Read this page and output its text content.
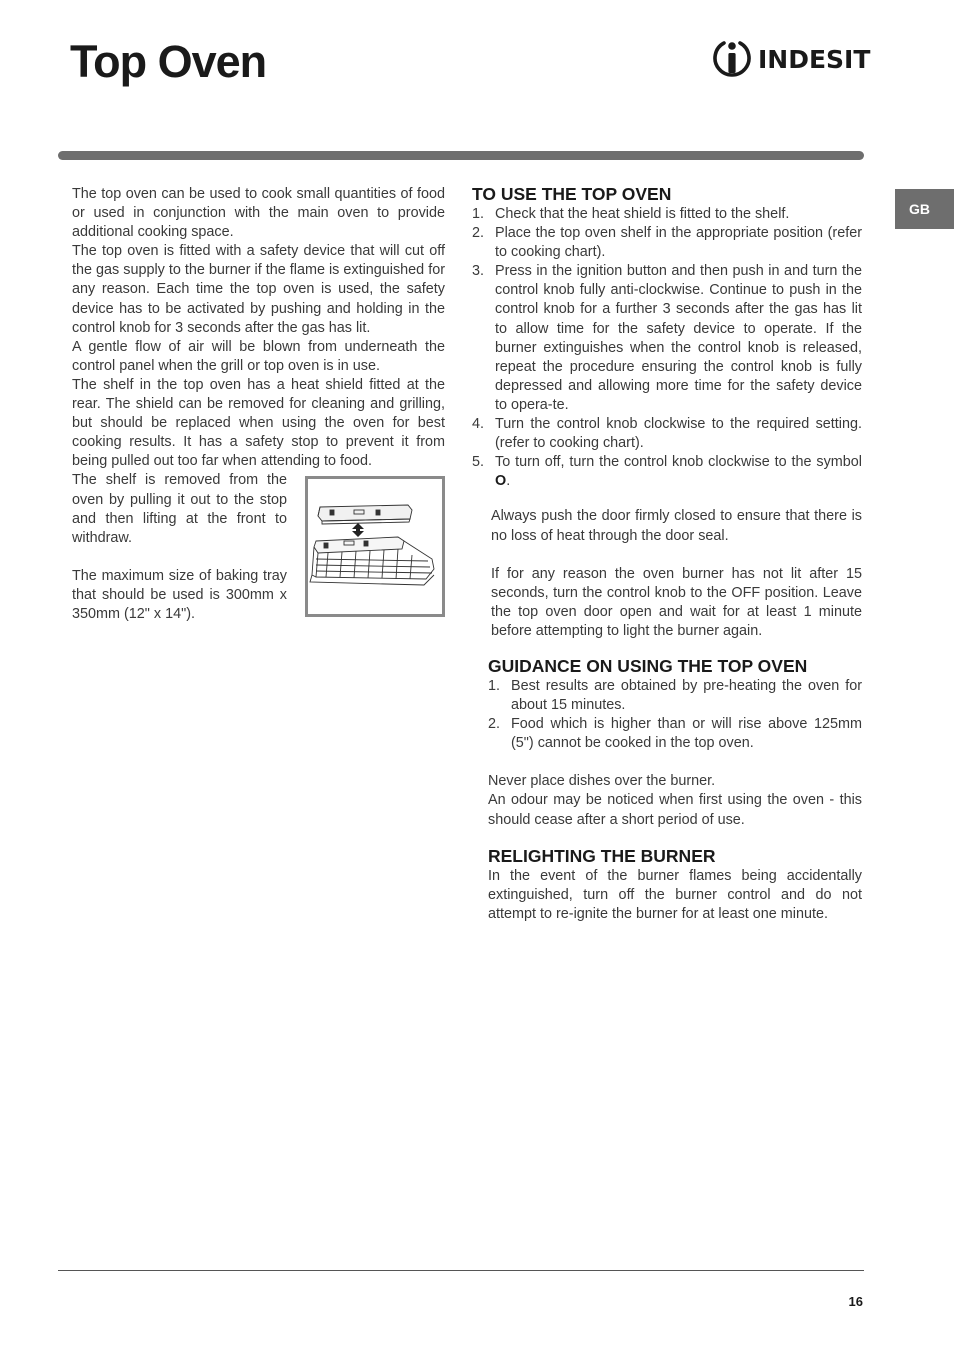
Top Oven	INDESIT
GB

The top oven can be used to cook small quantities of food or used in conjunction with the main oven to provide additional cooking space.

The top oven is fitted with a safety device that will cut off the gas supply to the burner if the flame is extinguished for any reason. Each time the top oven is used, the safety device has to be activated by pushing and holding in the control knob for 3 seconds after the gas has lit.

A gentle flow of air will be blown from underneath the control panel when the grill or top oven is in use.

The shelf in the top oven has a heat shield fitted at the rear. The shield can be removed for cleaning and grilling, but should be replaced when using the oven for best cooking results. It has a safety stop to prevent it from being pulled out too far when attending to food.

The shelf is removed from the oven by pulling it out to the stop and then lifting at the front to withdraw.

The maximum size of baking tray that should be used is 300mm x 350mm (12" x 14").

TO USE THE TOP OVEN
1. Check that the heat shield is fitted to the shelf.
2. Place the top oven shelf in the appropriate position (refer to cooking chart).
3. Press in the ignition button and then push in and turn the control knob fully anti-clockwise. Continue to push in the control knob for a further 3 seconds after the gas has lit to allow time for the safety device to operate. If the burner extinguishes when the control knob is released, repeat the procedure ensuring the control knob is fully depressed and allowing more time for the safety device to opera-te.
4. Turn the control knob clockwise to the required setting. (refer to cooking chart).
5. To turn off, turn the control knob clockwise to the symbol O.

Always push the door firmly closed to ensure that there is no loss of heat through the door seal.

If for any reason the oven burner has not lit after 15 seconds, turn the control knob to the OFF position. Leave the top oven door open and wait for at least 1 minute before attempting to light the burner again.

GUIDANCE ON USING THE TOP OVEN
1. Best results are obtained by pre-heating the oven for about 15 minutes.
2. Food which is higher than or will rise above 125mm (5") cannot be cooked in the top oven.

Never place dishes over the burner.

An odour may be noticed when first using the oven - this should cease after a short period of use.

RELIGHTING THE BURNER

In the event of the burner flames being accidentally extinguished, turn off the burner control and do not attempt to re-ignite the burner for at least one minute.

16
